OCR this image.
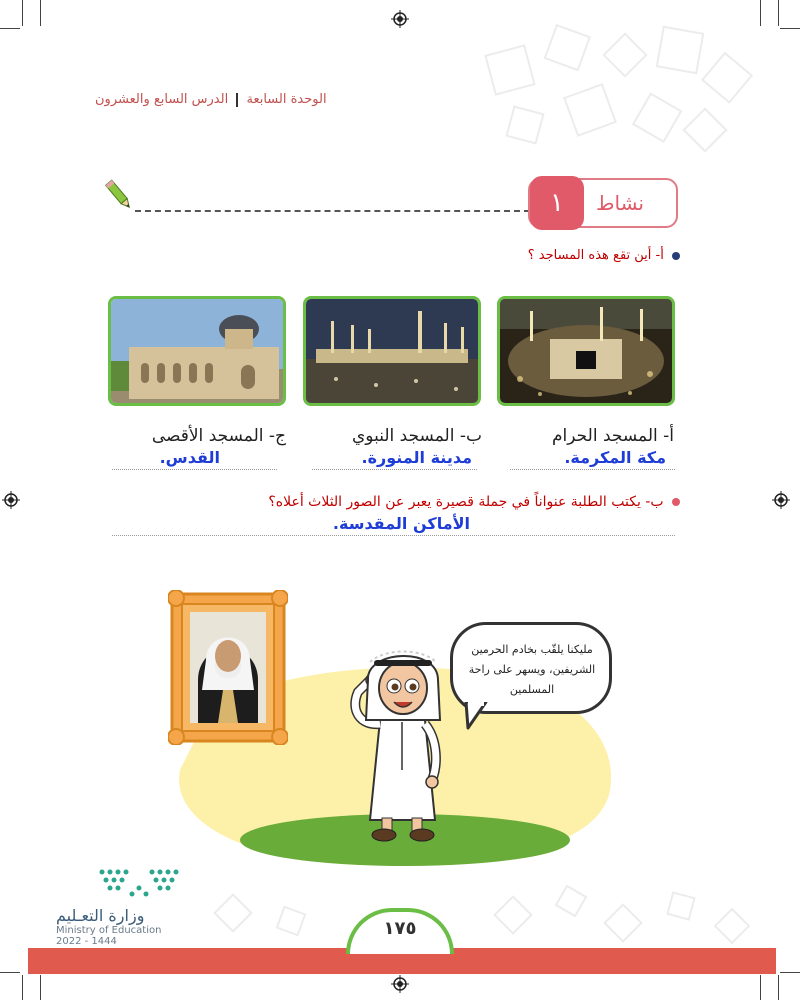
الوحدة السابعة  الدرس السابع والعشرون
نشاط
١
أ- أين تقع هذه المساجد ؟
أ- المسجد الحرام
مكة المكرمة.
ب- المسجد النبوي
مدينة المنورة.
ج- المسجد الأقصى
القدس.
ب- يكتب الطلبة عنواناً في جملة قصيرة يعبر عن الصور الثلاث أعلاه؟
الأماكن المقدسة.
مليكنا يلقّب بخادم الحرمين
الشريفين، ويسهر على راحة
المسلمين
وزارة التعـليم
Ministry of Education
2022 - 1444
١٧٥
